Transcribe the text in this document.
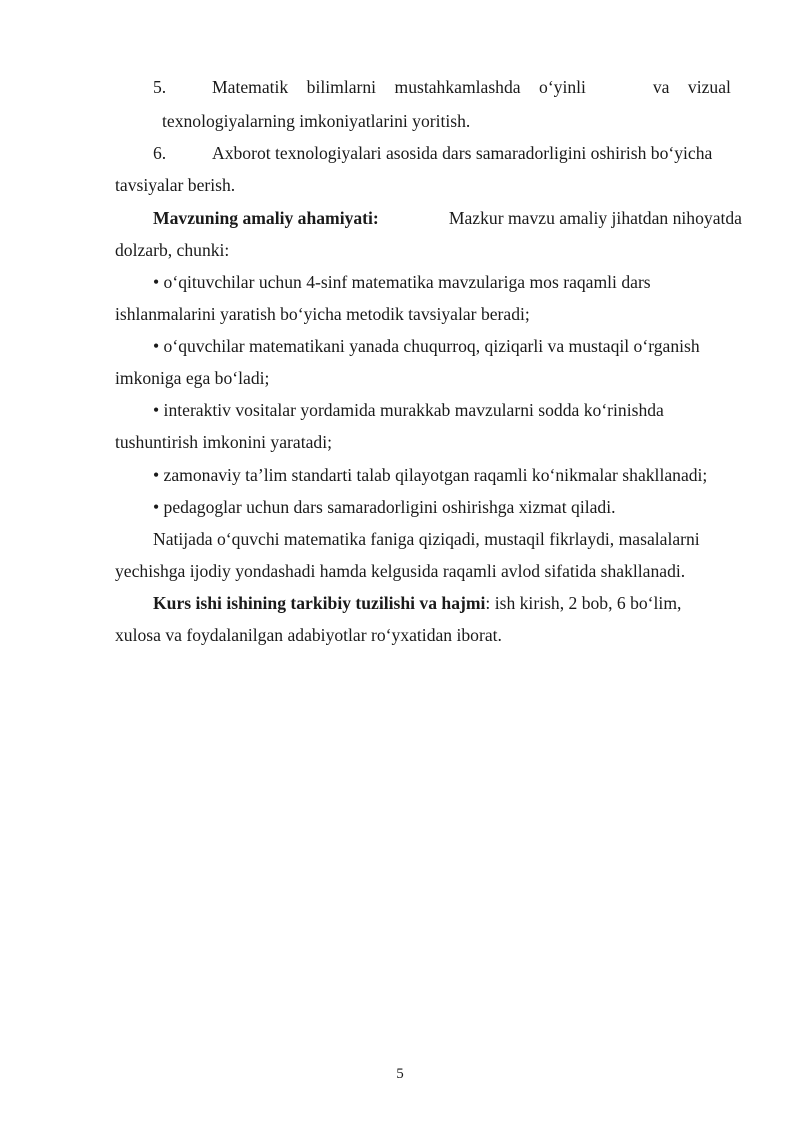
5.	Matematik bilimlarni mustahkamlashda o‘yinli	va vizual
texnologiyalarning imkoniyatlarini yoritish.
6.	Axborot texnologiyalari asosida dars samaradorligini oshirish bo‘yicha
tavsiyalar berish.
Mavzuning amaliy ahamiyati:	Mazkur mavzu amaliy jihatdan nihoyatda
dolzarb, chunki:
• o‘qituvchilar uchun 4-sinf matematika mavzulariga mos raqamli dars
ishlanmalarini yaratish bo‘yicha metodik tavsiyalar beradi;
• o‘quvchilar matematikani yanada chuqurroq, qiziqarli va mustaqil o‘rganish
imkoniga ega bo‘ladi;
• interaktiv vositalar yordamida murakkab mavzularni sodda ko‘rinishda
tushuntirish imkonini yaratadi;
• zamonaviy ta’lim standarti talab qilayotgan raqamli ko‘nikmalar shakllanadi;
• pedagoglar uchun dars samaradorligini oshirishga xizmat qiladi.
Natijada o‘quvchi matematika faniga qiziqadi, mustaqil fikrlaydi, masalalarni
yechishga ijodiy yondashadi hamda kelgusida raqamli avlod sifatida shakllanadi.
Kurs ishi ishining tarkibiy tuzilishi va hajmi: ish kirish, 2 bob, 6 bo‘lim,
xulosa va foydalanilgan adabiyotlar ro‘yxatidan iborat.
5
